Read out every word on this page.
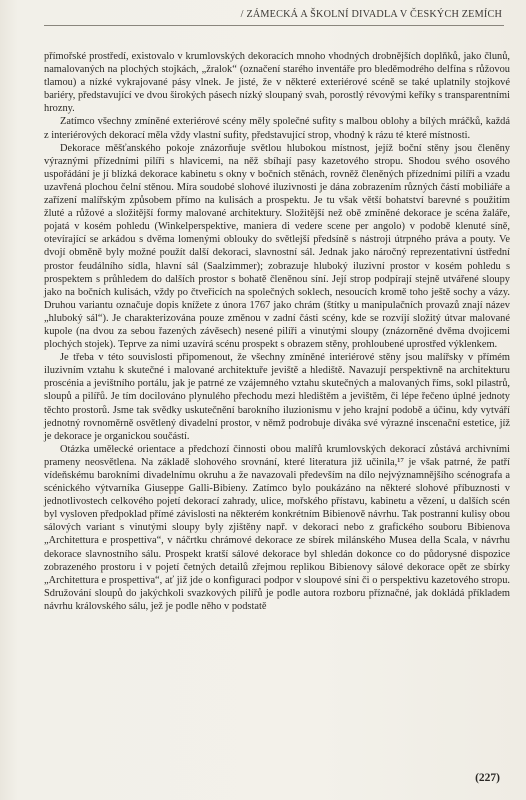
/ ZÁMECKÁ A ŠKOLNÍ DIVADLA V ČESKÝCH ZEMÍCH

přímořské prostředí, existovalo v krumlovských dekoracích mnoho vhodných drobnějších doplňků, jako člunů, namalovaných na plochých stojkách, „žralok“ (označení starého inventáře pro bleděmodrého delfína s růžovou tlamou) a nízké vykrajované pásy vlnek. Je jisté, že v některé exteriérové scéně se také uplatnily stojkové bariéry, představující ve dvou širokých pásech nízký sloupaný svah, porostlý révovými keříky s transparentními hrozny.

Zatímco všechny zmíněné exteriérové scény měly společné sufity s malbou oblohy a bílých mráčků, každá z interiérových dekorací měla vždy vlastní sufity, představující strop, vhodný k rázu té které místnosti.

Dekorace měšťanského pokoje znázorňuje světlou hlubokou místnost, jejíž boční stěny jsou členěny výraznými přízedními pilíři s hlavicemi, na něž sbíhají pasy kazetového stropu. Shodou svého osového uspořádání je jí blízká dekorace kabinetu s okny v bočních stěnách, rovněž členěných přízedními pilíři a vzadu uzavřená plochou čelní stěnou. Míra soudobé slohové iluzivnosti je dána zobrazením různých částí mobiliáře a zařízení malířským způsobem přímo na kulisách a prospektu. Je tu však větší bohatství barevné s použitím žluté a růžové a složitější formy malované architektury. Složitější než obě zmíněné dekorace je scéna žaláře, pojatá v kosém pohledu (Winkelperspektive, maniera di vedere scene per angolo) v podobě klenuté síně, otevírající se arkádou s dvěma lomenými oblouky do světlejší předsíně s nástroji útrpného práva a pouty. Ve dvojí obměně byly možné použít další dekoraci, slavnostní sál. Jednak jako náročný reprezentativní ústřední prostor feudálního sídla, hlavní sál (Saalzimmer); zobrazuje hluboký iluzivní prostor v kosém pohledu s prospektem s průhledem do dalších prostor s bohatě členěnou síní. Její strop podpírají stejně utvářené sloupy jako na bočních kulisách, vždy po čtveřicích na společných soklech, nesoucích kromě toho ještě sochy a vázy. Druhou variantu označuje dopis knížete z února 1767 jako chrám (štítky u manipulačních provazů znají název „hluboký sál“). Je charakterizována pouze změnou v zadní části scény, kde se rozvíjí složitý útvar malované kupole (na dvou za sebou řazených závěsech) nesené pilíři a vinutými sloupy (znázorněné dvěma dvojicemi plochých stojek). Teprve za nimi uzavírá scénu prospekt s obrazem stěny, prohloubené uprostřed výklenkem.

Je třeba v této souvislosti připomenout, že všechny zmíněné interiérové stěny jsou malířsky v přímém iluzivním vztahu k skutečné i malované architektuře jeviště a hlediště. Navazují perspektivně na architekturu proscénia a jevištního portálu, jak je patrné ze vzájemného vztahu skutečných a malovaných říms, sokl pilastrů, sloupů a pilířů. Je tím docilováno plynulého přechodu mezi hledištěm a jevištěm, či lépe řečeno úplné jednoty těchto prostorů. Jsme tak svědky uskutečnění barokního iluzionismu v jeho krajní podobě a účinu, kdy vytváří jednotný rovnoměrně osvětlený divadelní prostor, v němž podrobuje diváka své výrazné inscenační estetice, jíž je dekorace je organickou součástí.

Otázka umělecké orientace a předchozí činnosti obou malířů krumlovských dekorací zůstává archivními prameny neosvětlena. Na základě slohového srovnání, které literatura již učinila,¹⁷ je však patrné, že patří vídeňskému barokními divadelnímu okruhu a že navazovali především na dílo nejvýznamnějšího scénografa a scénického výtvarníka Giuseppe Galli-Bibieny. Zatímco bylo poukázáno na některé slohové příbuznosti v jednotlivostech celkového pojetí dekorací zahrady, ulice, mořského přístavu, kabinetu a vězení, u dalších scén byl vysloven předpoklad přímé závislosti na některém konkrétním Bibienově návrhu. Tak postranní kulisy obou sálových variant s vinutými sloupy byly zjištěny např. v dekoraci nebo z grafického souboru Bibienova „Architettura e prospettiva“, v náčrtku chrámové dekorace ze sbírek milánského Musea della Scala, v návrhu dekorace slavnostního sálu. Prospekt kratší sálové dekorace byl shledán dokonce co do půdorysné dispozice zobrazeného prostoru i v pojetí četných detailů zřejmou replikou Bibienovy sálové dekorace opět ze sbírky „Architettura e prospettiva“, ať již jde o konfiguraci podpor v sloupové síni či o perspektivu kazetového stropu. Sdružování sloupů do jakýchkoli svazkových pilířů je podle autora rozboru příznačné, jak dokládá příkladem návrhu královského sálu, jež je podle něho v podstatě

(227)
